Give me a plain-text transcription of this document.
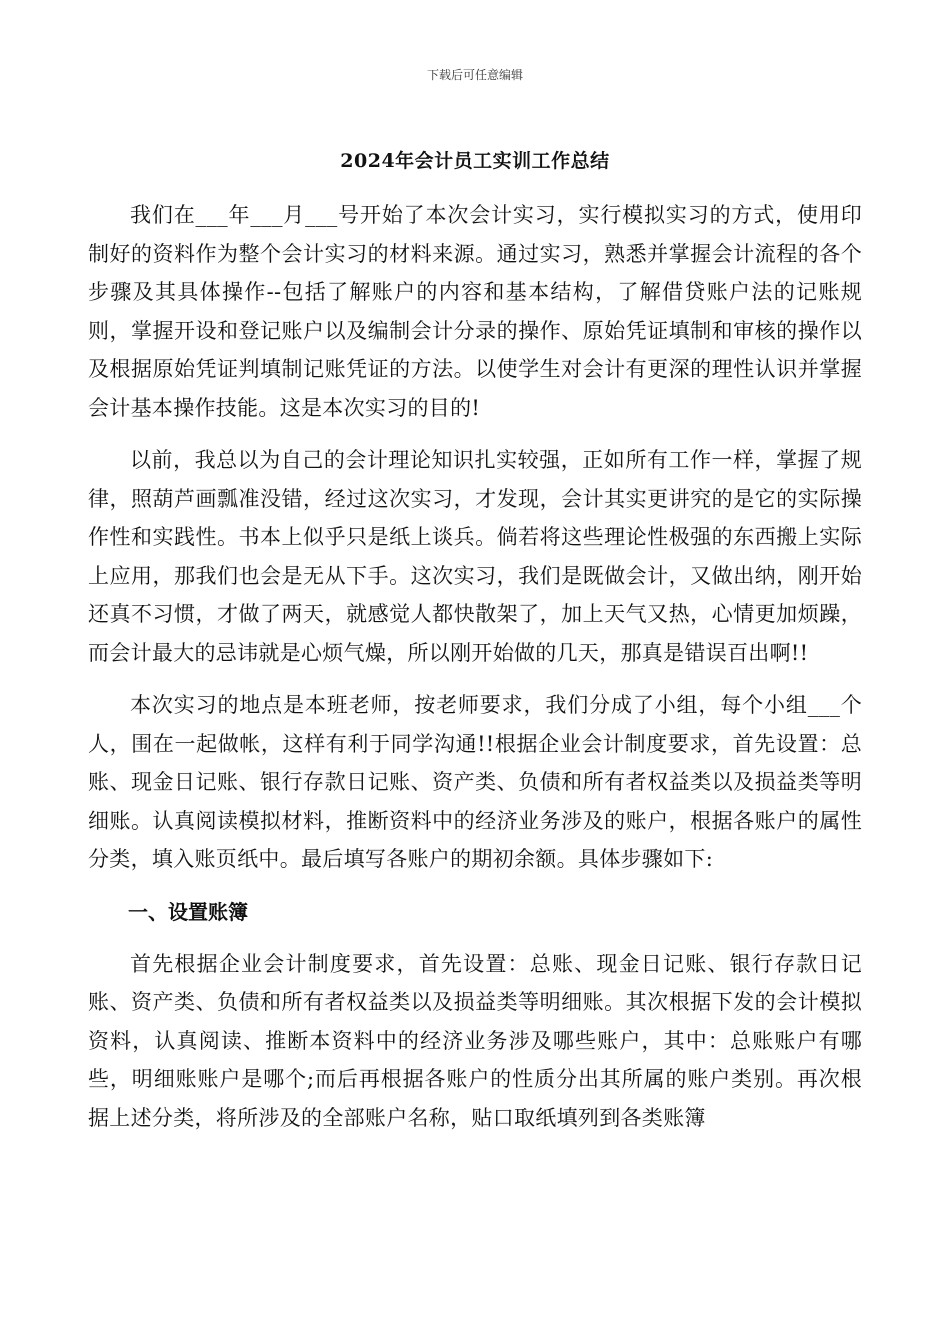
下载后可任意编辑
2024年会计员工实训工作总结

我们在___年___月___号开始了本次会计实习，实行模拟实习的方式，使用印制好的资料作为整个会计实习的材料来源。通过实习，熟悉并掌握会计流程的各个步骤及其具体操作--包括了解账户的内容和基本结构，了解借贷账户法的记账规则，掌握开设和登记账户以及编制会计分录的操作、原始凭证填制和审核的操作以及根据原始凭证判填制记账凭证的方法。以使学生对会计有更深的理性认识并掌握会计基本操作技能。这是本次实习的目的!

以前，我总以为自己的会计理论知识扎实较强，正如所有工作一样，掌握了规律，照葫芦画瓢准没错，经过这次实习，才发现，会计其实更讲究的是它的实际操作性和实践性。书本上似乎只是纸上谈兵。倘若将这些理论性极强的东西搬上实际上应用，那我们也会是无从下手。这次实习，我们是既做会计，又做出纳，刚开始还真不习惯，才做了两天，就感觉人都快散架了，加上天气又热，心情更加烦躁，而会计最大的忌讳就是心烦气燥，所以刚开始做的几天，那真是错误百出啊!!

本次实习的地点是本班老师，按老师要求，我们分成了小组，每个小组___个人，围在一起做帐，这样有利于同学沟通!!根据企业会计制度要求，首先设置：总账、现金日记账、银行存款日记账、资产类、负债和所有者权益类以及损益类等明细账。认真阅读模拟材料，推断资料中的经济业务涉及的账户，根据各账户的属性分类，填入账页纸中。最后填写各账户的期初余额。具体步骤如下:

一、设置账簿

首先根据企业会计制度要求，首先设置：总账、现金日记账、银行存款日记账、资产类、负债和所有者权益类以及损益类等明细账。其次根据下发的会计模拟资料，认真阅读、推断本资料中的经济业务涉及哪些账户，其中：总账账户有哪些，明细账账户是哪个;而后再根据各账户的性质分出其所属的账户类别。再次根据上述分类，将所涉及的全部账户名称，贴口取纸填列到各类账簿
